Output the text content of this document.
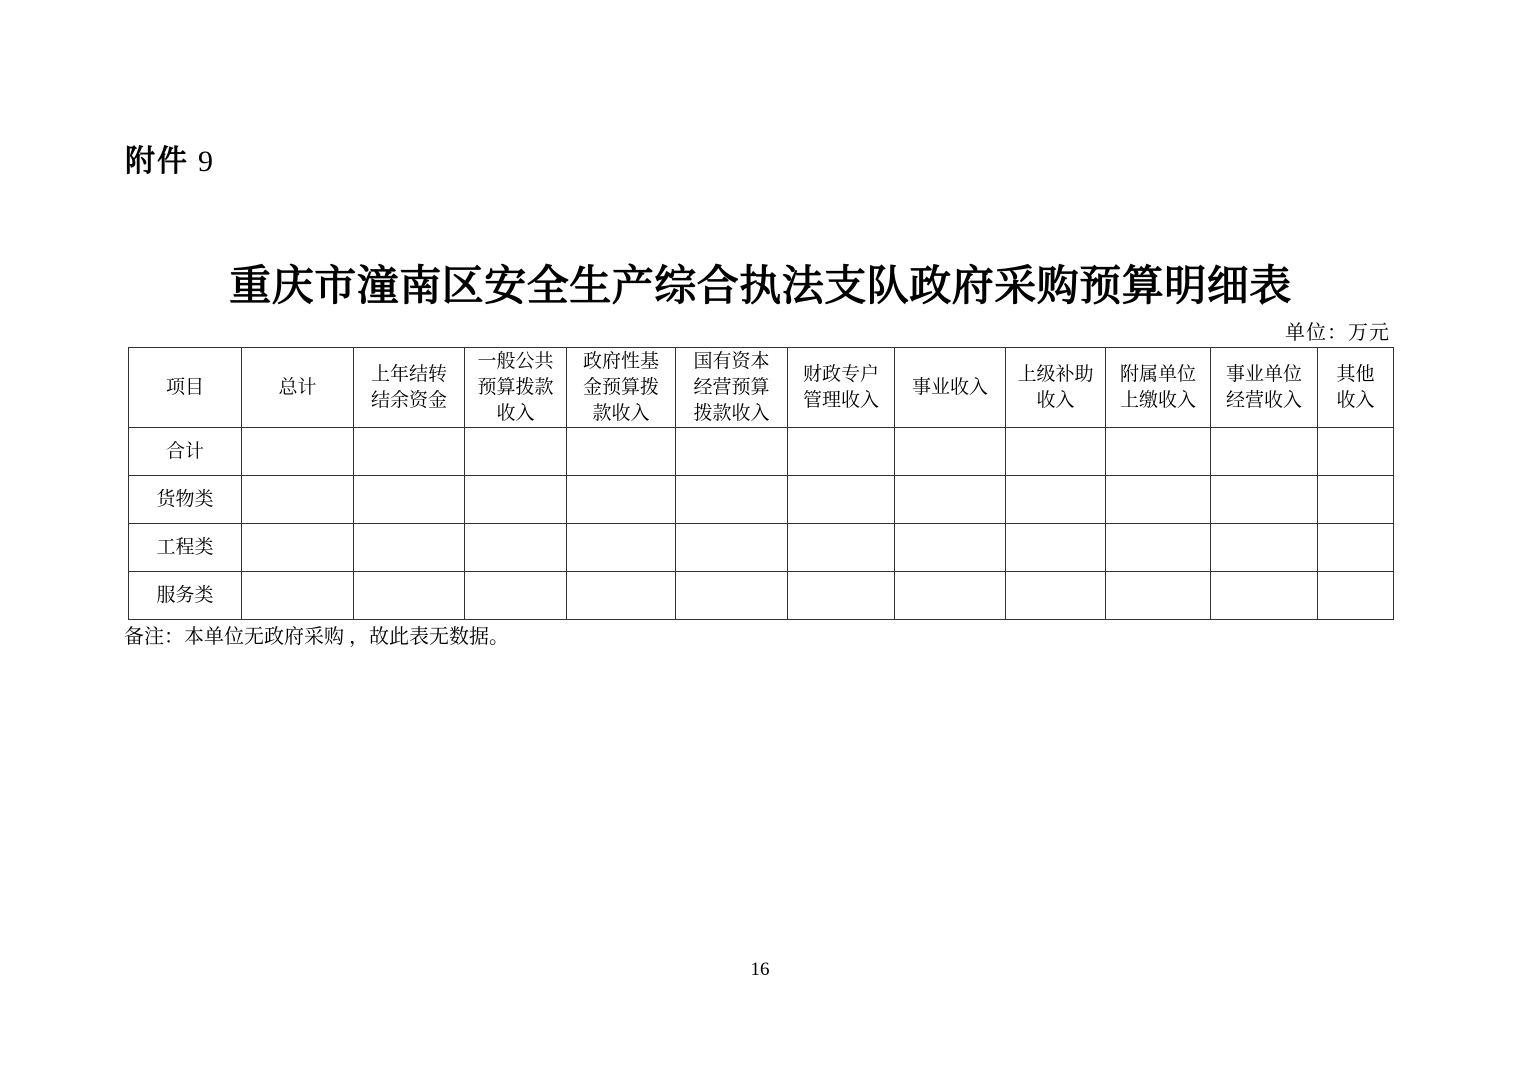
附件 9
重庆市潼南区安全生产综合执法支队政府采购预算明细表
单位：万元
项目	总计	上年结转结余资金	一般公共预算拨款收入	政府性基金预算拨款收入	国有资本经营预算拨款收入	财政专户管理收入	事业收入	上级补助收入	附属单位上缴收入	事业单位经营收入	其他收入
合计											
货物类											
工程类											
服务类											
备注：本单位无政府采购 ，故此表无数据。
16
